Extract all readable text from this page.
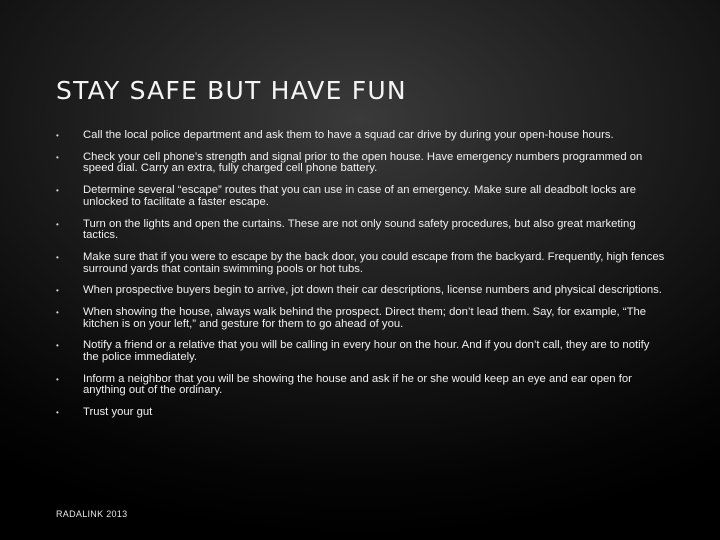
STAY SAFE BUT HAVE FUN
• Call the local police department and ask them to have a squad car drive by during your open-house hours.
• Check your cell phone’s strength and signal prior to the open house. Have emergency numbers programmed on speed dial. Carry an extra, fully charged cell phone battery.
• Determine several “escape” routes that you can use in case of an emergency. Make sure all deadbolt locks are unlocked to facilitate a faster escape.
• Turn on the lights and open the curtains. These are not only sound safety procedures, but also great marketing tactics.
• Make sure that if you were to escape by the back door, you could escape from the backyard. Frequently, high fences surround yards that contain swimming pools or hot tubs.
• When prospective buyers begin to arrive, jot down their car descriptions, license numbers and physical descriptions.
• When showing the house, always walk behind the prospect. Direct them; don’t lead them. Say, for example, “The kitchen is on your left,” and gesture for them to go ahead of you.
• Notify a friend or a relative that you will be calling in every hour on the hour. And if you don’t call, they are to notify the police immediately.
• Inform a neighbor that you will be showing the house and ask if he or she would keep an eye and ear open for anything out of the ordinary.
• Trust your gut
RADALINK 2013
